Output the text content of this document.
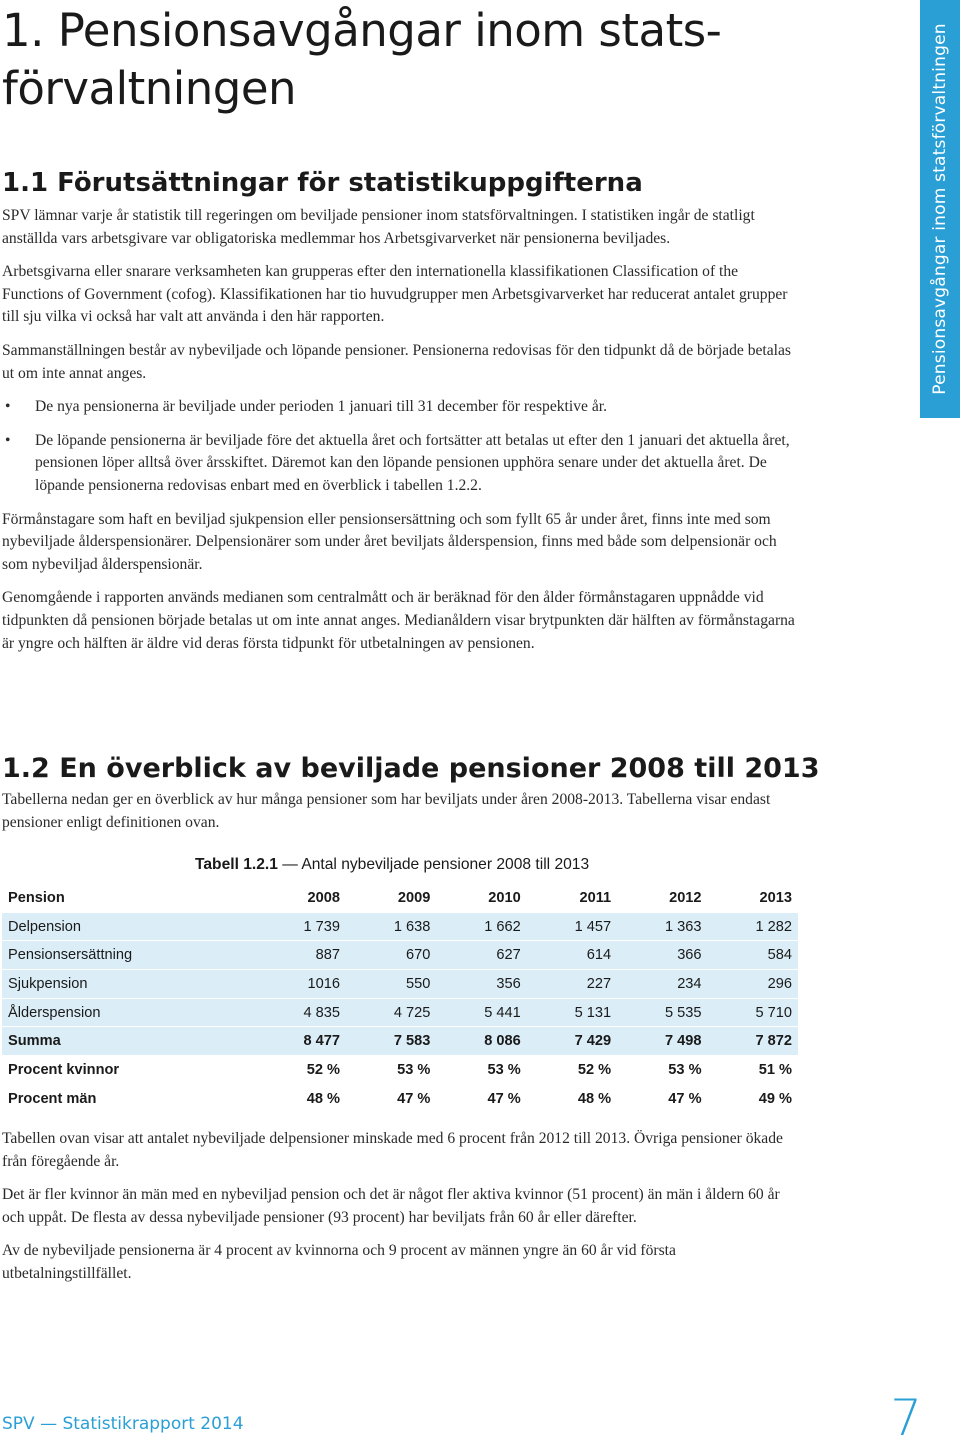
Pensionsavgångar inom statsförvaltningen
1. Pensionsavgångar inom stats-förvaltningen
1.1 Förutsättningar för statistikuppgifterna

SPV lämnar varje år statistik till regeringen om beviljade pensioner inom statsförvaltningen. I statistiken ingår de statligt anställda vars arbetsgivare var obligatoriska medlemmar hos Arbetsgivarverket när pensionerna beviljades.

Arbetsgivarna eller snarare verksamheten kan grupperas efter den internationella klassifikationen Classification of the Functions of Government (cofog). Klassifikationen har tio huvudgrupper men Arbetsgivarverket har reducerat antalet grupper till sju vilka vi också har valt att använda i den här rapporten.

Sammanställningen består av nybeviljade och löpande pensioner. Pensionerna redovisas för den tidpunkt då de började betalas ut om inte annat anges.

• De nya pensionerna är beviljade under perioden 1 januari till 31 december för respektive år.
• De löpande pensionerna är beviljade före det aktuella året och fortsätter att betalas ut efter den 1 januari det aktuella året, pensionen löper alltså över årsskiftet. Däremot kan den löpande pensionen upphöra senare under det aktuella året. De löpande pensionerna redovisas enbart med en överblick i tabellen 1.2.2.

Förmånstagare som haft en beviljad sjukpension eller pensionsersättning och som fyllt 65 år under året, finns inte med som nybeviljade ålderspensionärer. Delpensionärer som under året beviljats ålderspension, finns med både som delpensionär och som nybeviljad ålderspensionär.

Genomgående i rapporten används medianen som centralmått och är beräknad för den ålder förmånstagaren uppnådde vid tidpunkten då pensionen började betalas ut om inte annat anges. Medianåldern visar brytpunkten där hälften av förmånstagarna är yngre och hälften är äldre vid deras första tidpunkt för utbetalningen av pensionen.

1.2 En överblick av beviljade pensioner 2008 till 2013

Tabellerna nedan ger en överblick av hur många pensioner som har beviljats under åren 2008-2013. Tabellerna visar endast pensioner enligt definitionen ovan.

Tabell 1.2.1 — Antal nybeviljade pensioner 2008 till 2013
Pension	2008	2009	2010	2011	2012	2013
Delpension	1 739	1 638	1 662	1 457	1 363	1 282
Pensionsersättning	887	670	627	614	366	584
Sjukpension	1016	550	356	227	234	296
Ålderspension	4 835	4 725	5 441	5 131	5 535	5 710
Summa	8 477	7 583	8 086	7 429	7 498	7 872
Procent kvinnor	52 %	53 %	53 %	52 %	53 %	51 %
Procent män	48 %	47 %	47 %	48 %	47 %	49 %

Tabellen ovan visar att antalet nybeviljade delpensioner minskade med 6 procent från 2012 till 2013. Övriga pensioner ökade från föregående år.

Det är fler kvinnor än män med en nybeviljad pension och det är något fler aktiva kvinnor (51 procent) än män i åldern 60 år och uppåt. De flesta av dessa nybeviljade pensioner (93 procent) har beviljats från 60 år eller därefter.

Av de nybeviljade pensionerna är 4 procent av kvinnorna och 9 procent av männen yngre än 60 år vid första utbetalningstillfället.

SPV — Statistikrapport 2014	7
